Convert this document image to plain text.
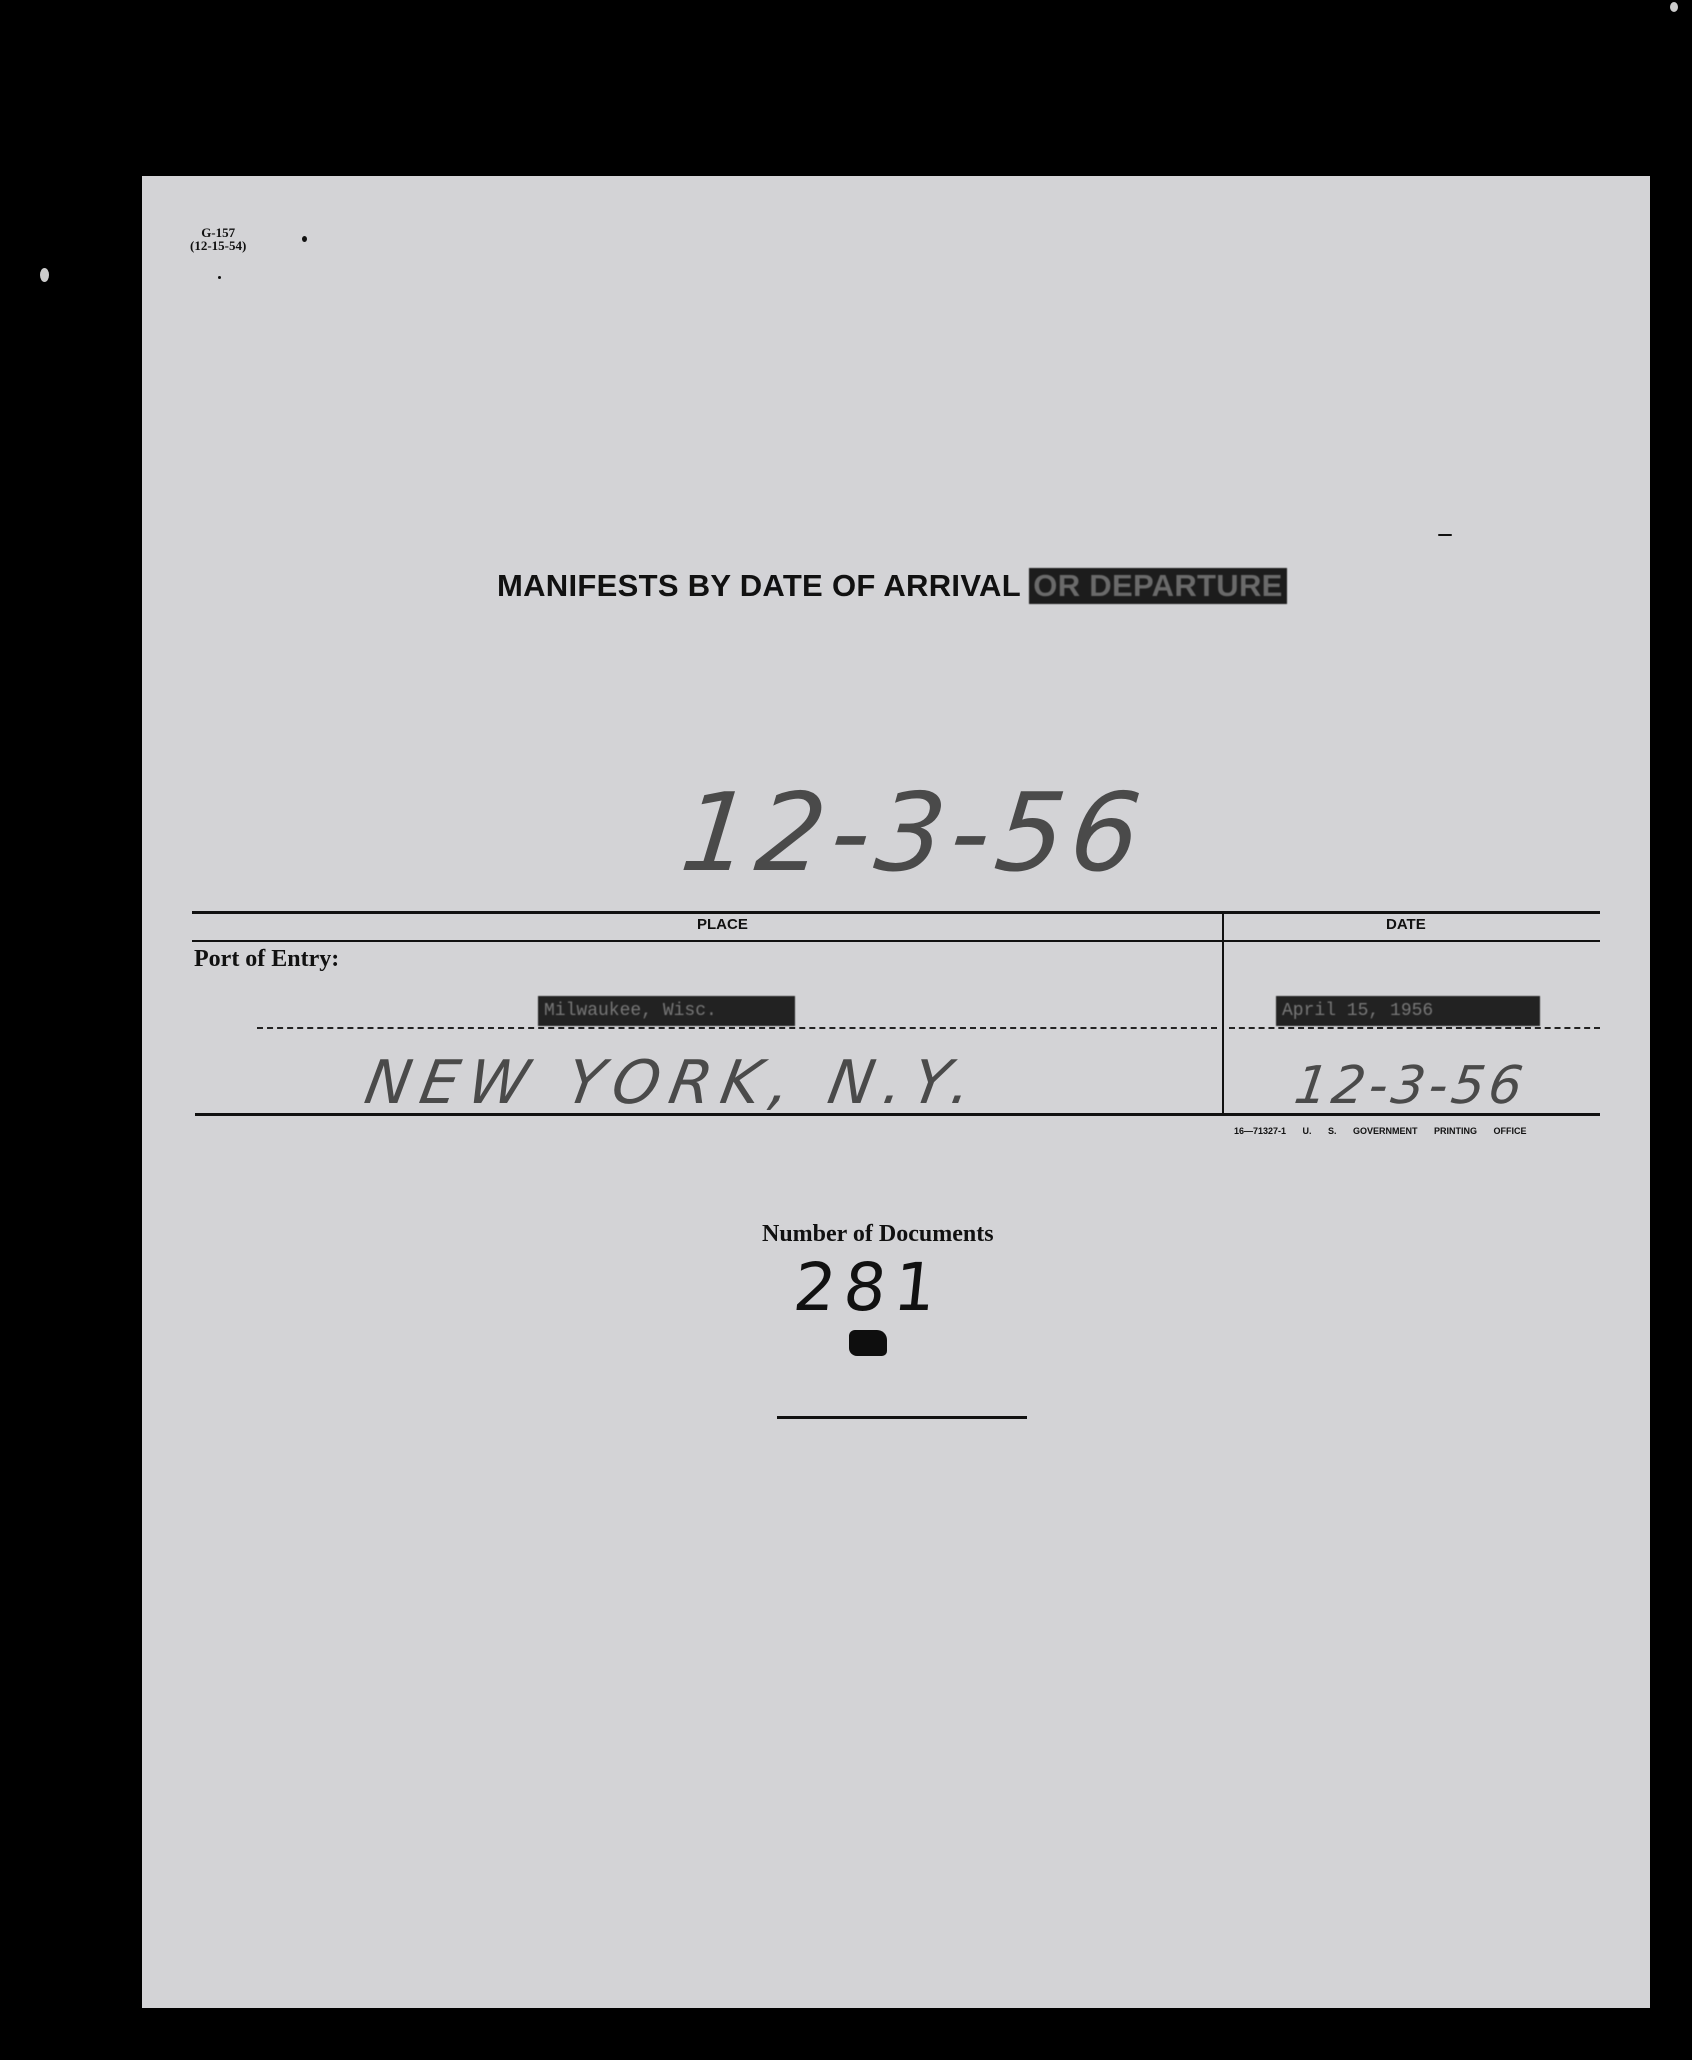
G-157
(12-15-54)
MANIFESTS BY DATE OF ARRIVAL OR DEPARTURE
12-3-56
PLACE	DATE
Port of Entry:
Milwaukee, Wisc.	April 15, 1956
NEW YORK, N.Y.	12-3-56
16—71327-1 U. S. GOVERNMENT PRINTING OFFICE
Number of Documents
281
